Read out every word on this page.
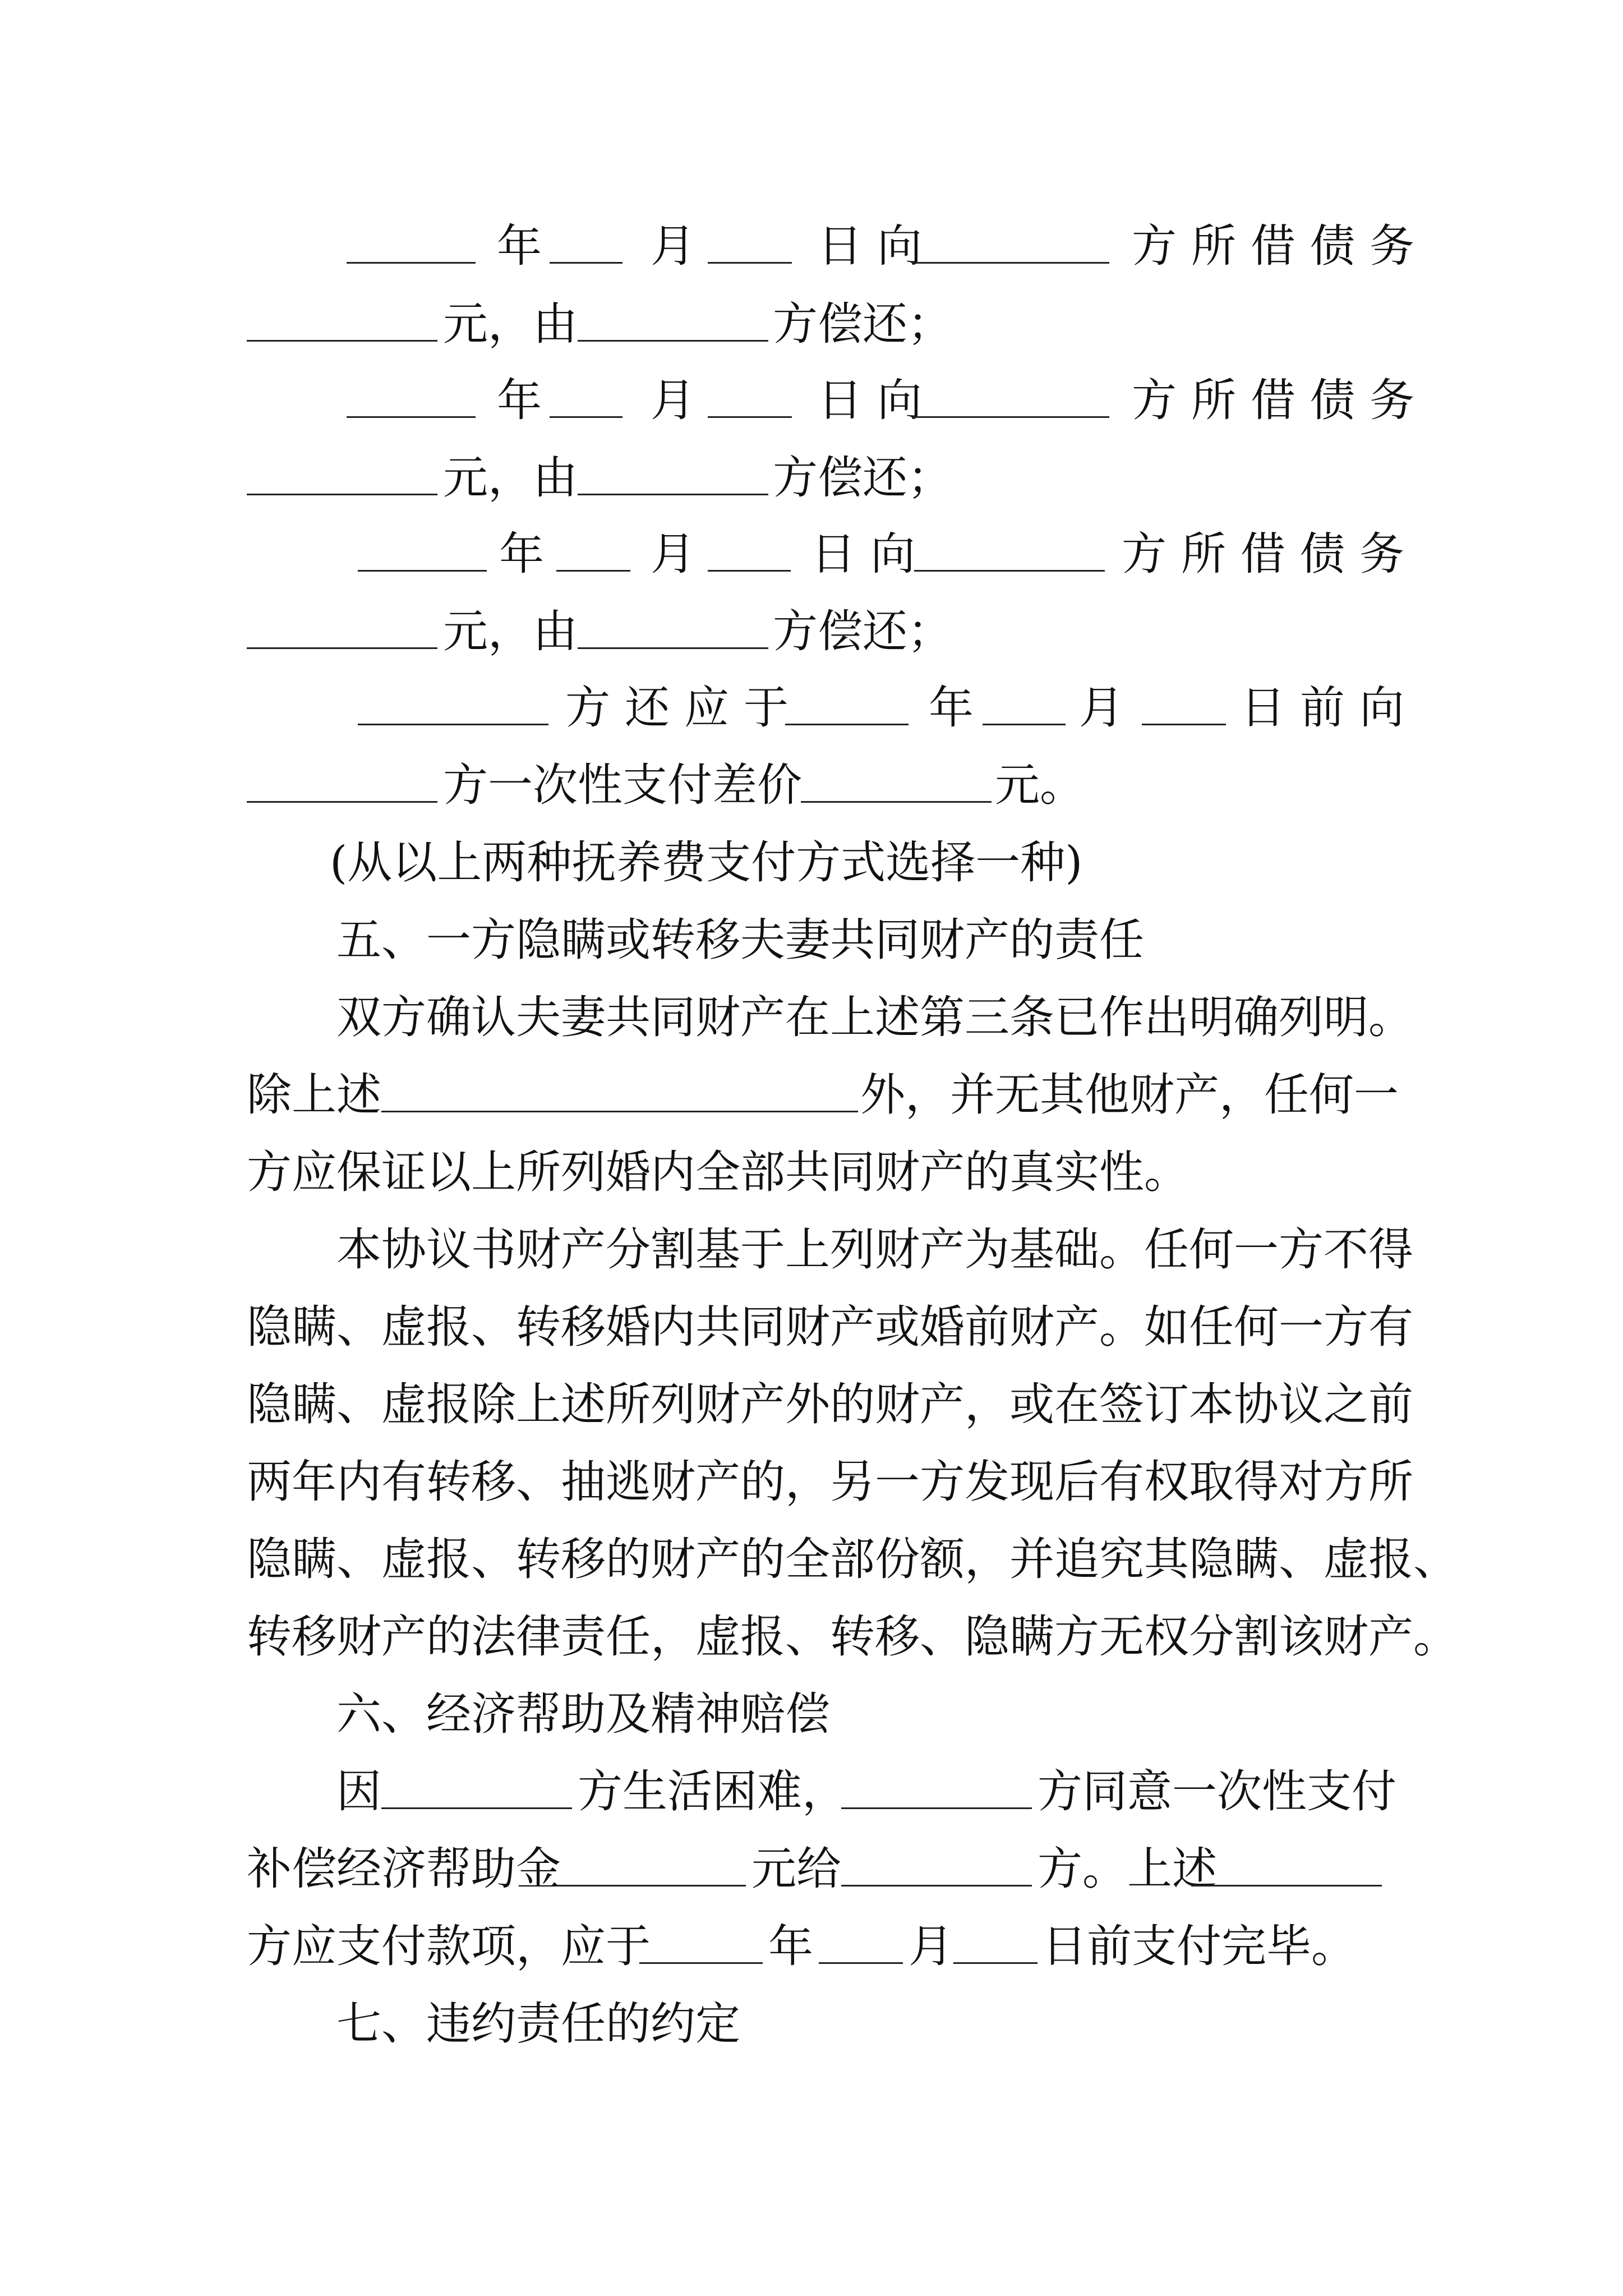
年 月	日向	方所借债务
元，由	方偿还；
年 月	日向	方所借债务
元，由	方偿还；
年 月	日向	方所借债务
元，由	方偿还；
方还应于	年 月	日前向
方一次性支付差价	元。
(从以上两种抚养费支付方式选择一种)
五、一方隐瞒或转移夫妻共同财产的责任
双方确认夫妻共同财产在上述第三条已作出明确列明。
除上述	外，并无其他财产，任何一
方应保证以上所列婚内全部共同财产的真实性。
本协议书财产分割基于上列财产为基础。任何一方不得
隐瞒、虚报、转移婚内共同财产或婚前财产。如任何一方有
隐瞒、虚报除上述所列财产外的财产，或在签订本协议之前
两年内有转移、抽逃财产的，另一方发现后有权取得对方所
隐瞒、虚报、转移的财产的全部份额，并追究其隐瞒、虚报、
转移财产的法律责任，虚报、转移、隐瞒方无权分割该财产。
六、经济帮助及精神赔偿
因	方生活困难，	方同意一次性支付
补偿经济帮助金	元给	方。上述
方应支付款项，应于	年 月 日前支付完毕。
七、违约责任的约定
